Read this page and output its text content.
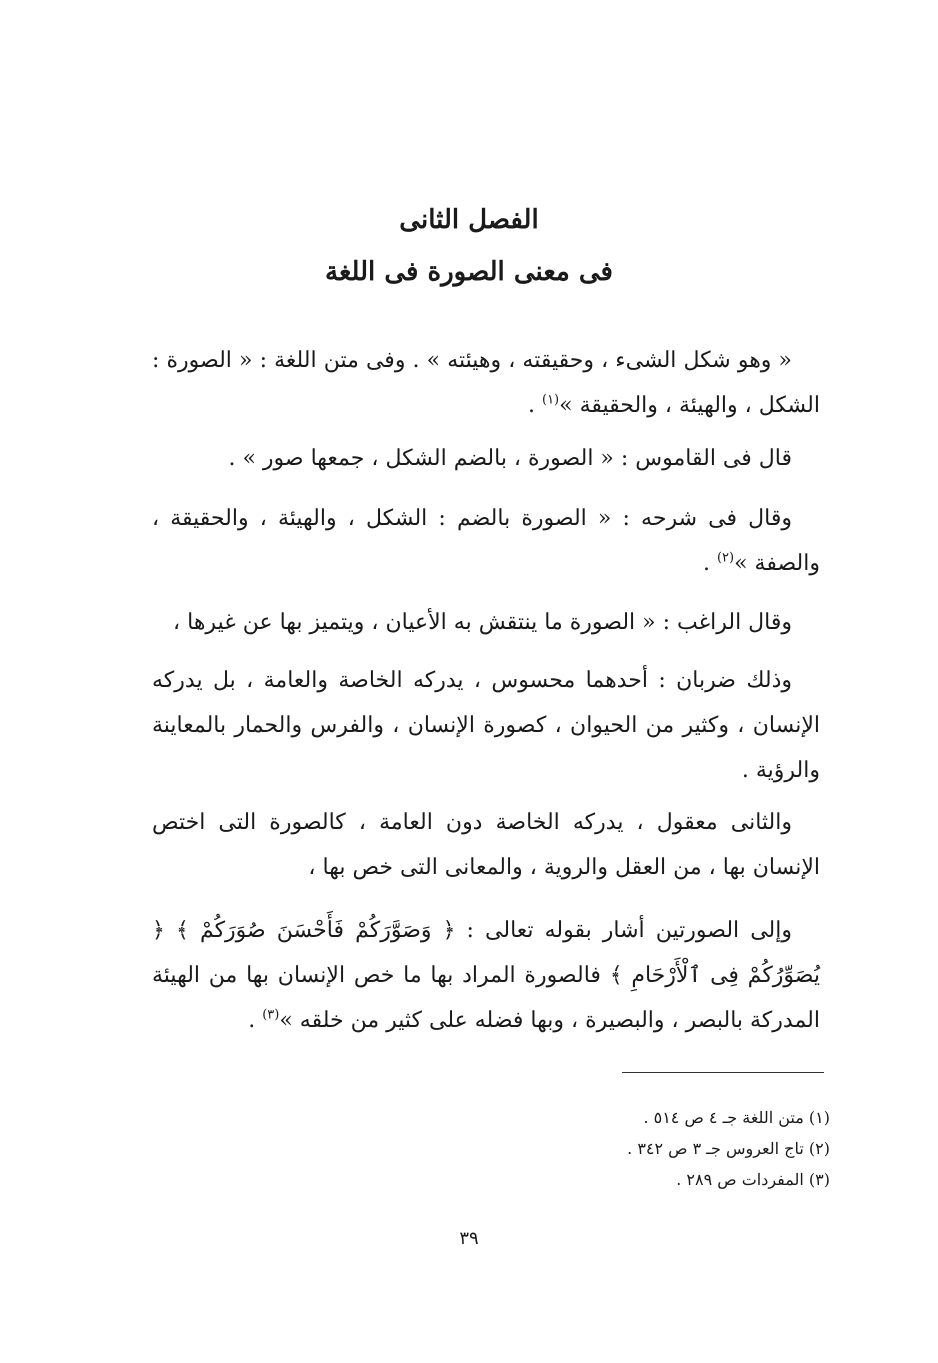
الفصل الثانى
فى معنى الصورة فى اللغة

« وهو شكل الشىء ، وحقيقته ، وهيئته » . وفى متن اللغة : « الصورة : الشكل ، والهيئة ، والحقيقة »$^{(١)}$ .

قال فى القاموس : « الصورة ، بالضم الشكل ، جمعها صور » .

وقال فى شرحه : « الصورة بالضم : الشكل ، والهيئة ، والحقيقة ، والصفة »$^{(٢)}$ .

وقال الراغب : « الصورة ما ينتقش به الأعيان ، ويتميز بها عن غيرها ،

وذلك ضربان : أحدهما محسوس ، يدركه الخاصة والعامة ، بل يدركه الإنسان ، وكثير من الحيوان ، كصورة الإنسان ، والفرس والحمار بالمعاينة والرؤية .

والثانى معقول ، يدركه الخاصة دون العامة ، كالصورة التى اختص الإنسان بها ، من العقل والروية ، والمعانى التى خص بها ،

وإلى الصورتين أشار بقوله تعالى : ﴿ وَصَوَّرَكُمْ فَأَحْسَنَ صُوَرَكُمْ ﴾ ﴿ يُصَوِّرُكُمْ فِى ٱلْأَرْحَامِ ﴾ فالصورة المراد بها ما خص الإنسان بها من الهيئة المدركة بالبصر ، والبصيرة ، وبها فضله على كثير من خلقه »$^{(٣)}$ .

(١) متن اللغة جـ ٤ ص ٥١٤ .
(٢) تاج العروس جـ ٣ ص ٣٤٢ .
(٣) المفردات ص ٢٨٩ .
٣٩
